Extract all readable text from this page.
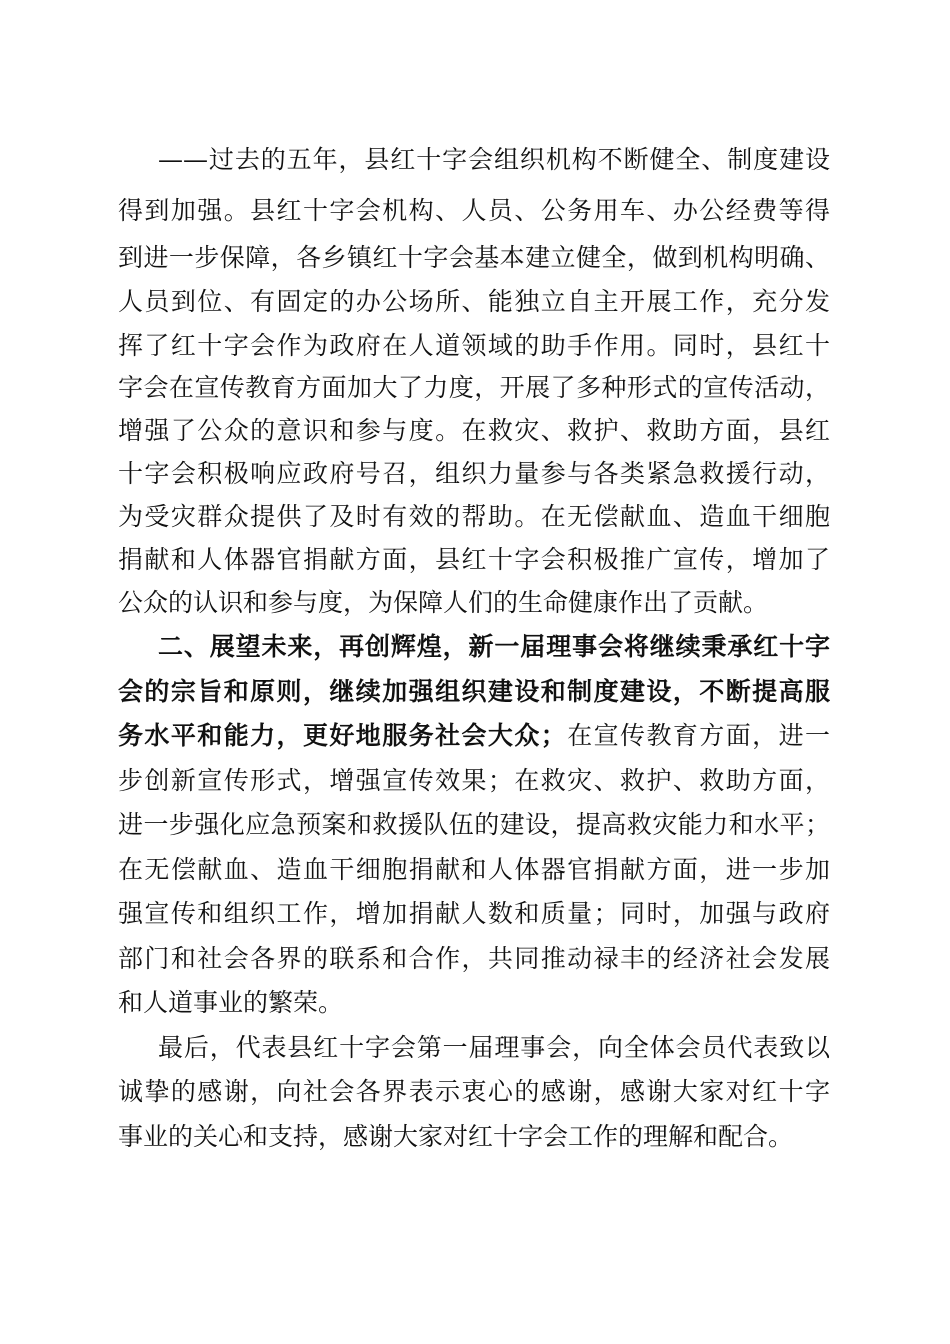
——过去的五年，县红十字会组织机构不断健全、制度建设
得到加强。县红十字会机构、人员、公务用车、办公经费等得
到进一步保障，各乡镇红十字会基本建立健全，做到机构明确、
人员到位、有固定的办公场所、能独立自主开展工作，充分发
挥了红十字会作为政府在人道领域的助手作用。同时，县红十
字会在宣传教育方面加大了力度，开展了多种形式的宣传活动，
增强了公众的意识和参与度。在救灾、救护、救助方面，县红
十字会积极响应政府号召，组织力量参与各类紧急救援行动，
为受灾群众提供了及时有效的帮助。在无偿献血、造血干细胞
捐献和人体器官捐献方面，县红十字会积极推广宣传，增加了
公众的认识和参与度，为保障人们的生命健康作出了贡献。
二、展望未来，再创辉煌，新一届理事会将继续秉承红十字
会的宗旨和原则，继续加强组织建设和制度建设，不断提高服
务水平和能力，更好地服务社会大众；在宣传教育方面，进一
步创新宣传形式，增强宣传效果；在救灾、救护、救助方面，
进一步强化应急预案和救援队伍的建设，提高救灾能力和水平；
在无偿献血、造血干细胞捐献和人体器官捐献方面，进一步加
强宣传和组织工作，增加捐献人数和质量；同时，加强与政府
部门和社会各界的联系和合作，共同推动禄丰的经济社会发展
和人道事业的繁荣。
最后，代表县红十字会第一届理事会，向全体会员代表致以
诚挚的感谢，向社会各界表示衷心的感谢，感谢大家对红十字
事业的关心和支持，感谢大家对红十字会工作的理解和配合。
